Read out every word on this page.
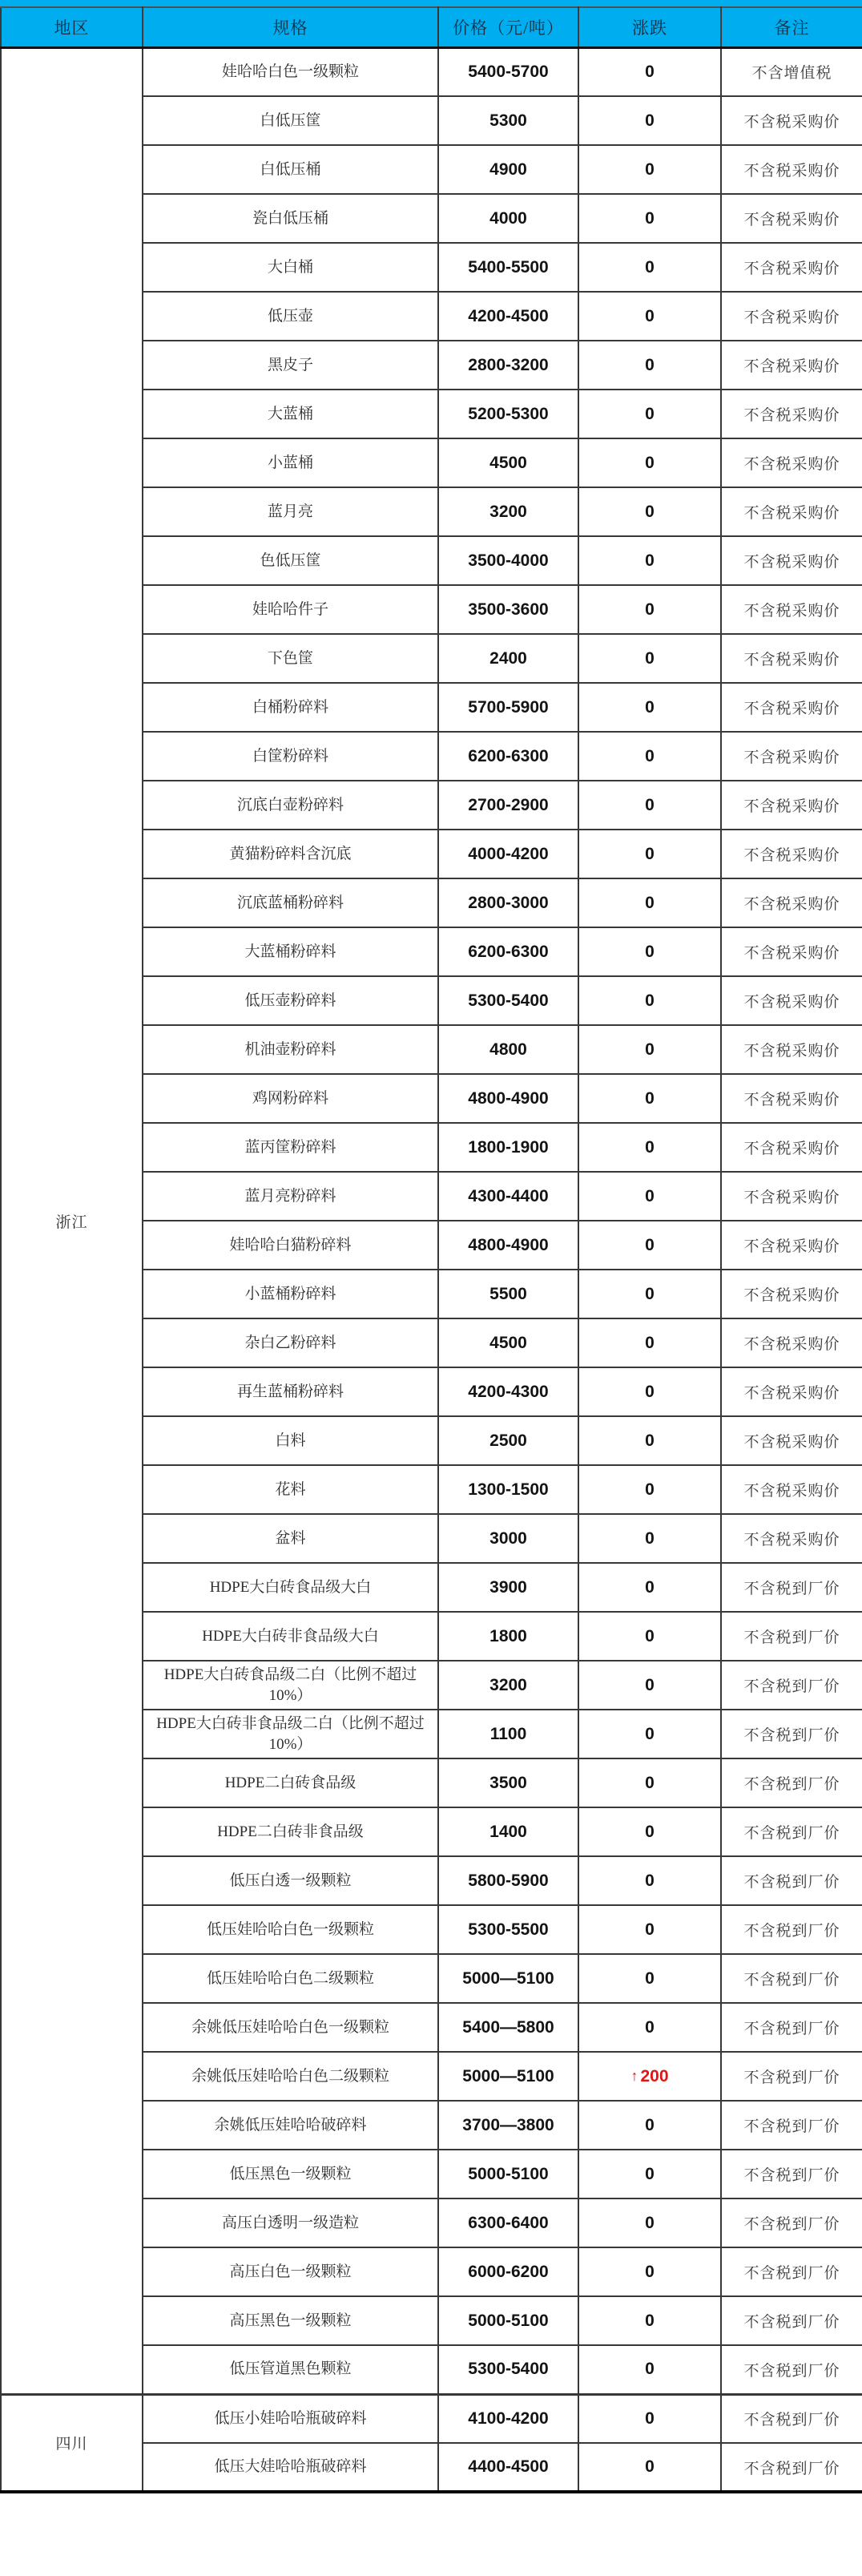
地区	规格	价格（元/吨）	涨跌	备注
浙江	娃哈哈白色一级颗粒	5400-5700	0	不含增值税
	白低压筐	5300	0	不含税采购价
	白低压桶	4900	0	不含税采购价
	瓷白低压桶	4000	0	不含税采购价
	大白桶	5400-5500	0	不含税采购价
	低压壶	4200-4500	0	不含税采购价
	黑皮子	2800-3200	0	不含税采购价
	大蓝桶	5200-5300	0	不含税采购价
	小蓝桶	4500	0	不含税采购价
	蓝月亮	3200	0	不含税采购价
	色低压筐	3500-4000	0	不含税采购价
	娃哈哈件子	3500-3600	0	不含税采购价
	下色筐	2400	0	不含税采购价
	白桶粉碎料	5700-5900	0	不含税采购价
	白筐粉碎料	6200-6300	0	不含税采购价
	沉底白壶粉碎料	2700-2900	0	不含税采购价
	黄猫粉碎料含沉底	4000-4200	0	不含税采购价
	沉底蓝桶粉碎料	2800-3000	0	不含税采购价
	大蓝桶粉碎料	6200-6300	0	不含税采购价
	低压壶粉碎料	5300-5400	0	不含税采购价
	机油壶粉碎料	4800	0	不含税采购价
	鸡网粉碎料	4800-4900	0	不含税采购价
	蓝丙筐粉碎料	1800-1900	0	不含税采购价
	蓝月亮粉碎料	4300-4400	0	不含税采购价
	娃哈哈白猫粉碎料	4800-4900	0	不含税采购价
	小蓝桶粉碎料	5500	0	不含税采购价
	杂白乙粉碎料	4500	0	不含税采购价
	再生蓝桶粉碎料	4200-4300	0	不含税采购价
	白料	2500	0	不含税采购价
	花料	1300-1500	0	不含税采购价
	盆料	3000	0	不含税采购价
	HDPE大白砖食品级大白	3900	0	不含税到厂价
	HDPE大白砖非食品级大白	1800	0	不含税到厂价
	HDPE大白砖食品级二白（比例不超过10%）	3200	0	不含税到厂价
	HDPE大白砖非食品级二白（比例不超过10%）	1100	0	不含税到厂价
	HDPE二白砖食品级	3500	0	不含税到厂价
	HDPE二白砖非食品级	1400	0	不含税到厂价
	低压白透一级颗粒	5800-5900	0	不含税到厂价
	低压娃哈哈白色一级颗粒	5300-5500	0	不含税到厂价
	低压娃哈哈白色二级颗粒	5000—5100	0	不含税到厂价
	余姚低压娃哈哈白色一级颗粒	5400—5800	0	不含税到厂价
	余姚低压娃哈哈白色二级颗粒	5000—5100	↑ 200	不含税到厂价
	余姚低压娃哈哈破碎料	3700—3800	0	不含税到厂价
	低压黑色一级颗粒	5000-5100	0	不含税到厂价
	高压白透明一级造粒	6300-6400	0	不含税到厂价
	高压白色一级颗粒	6000-6200	0	不含税到厂价
	高压黑色一级颗粒	5000-5100	0	不含税到厂价
	低压管道黑色颗粒	5300-5400	0	不含税到厂价
四川	低压小娃哈哈瓶破碎料	4100-4200	0	不含税到厂价
	低压大娃哈哈瓶破碎料	4400-4500	0	不含税到厂价
